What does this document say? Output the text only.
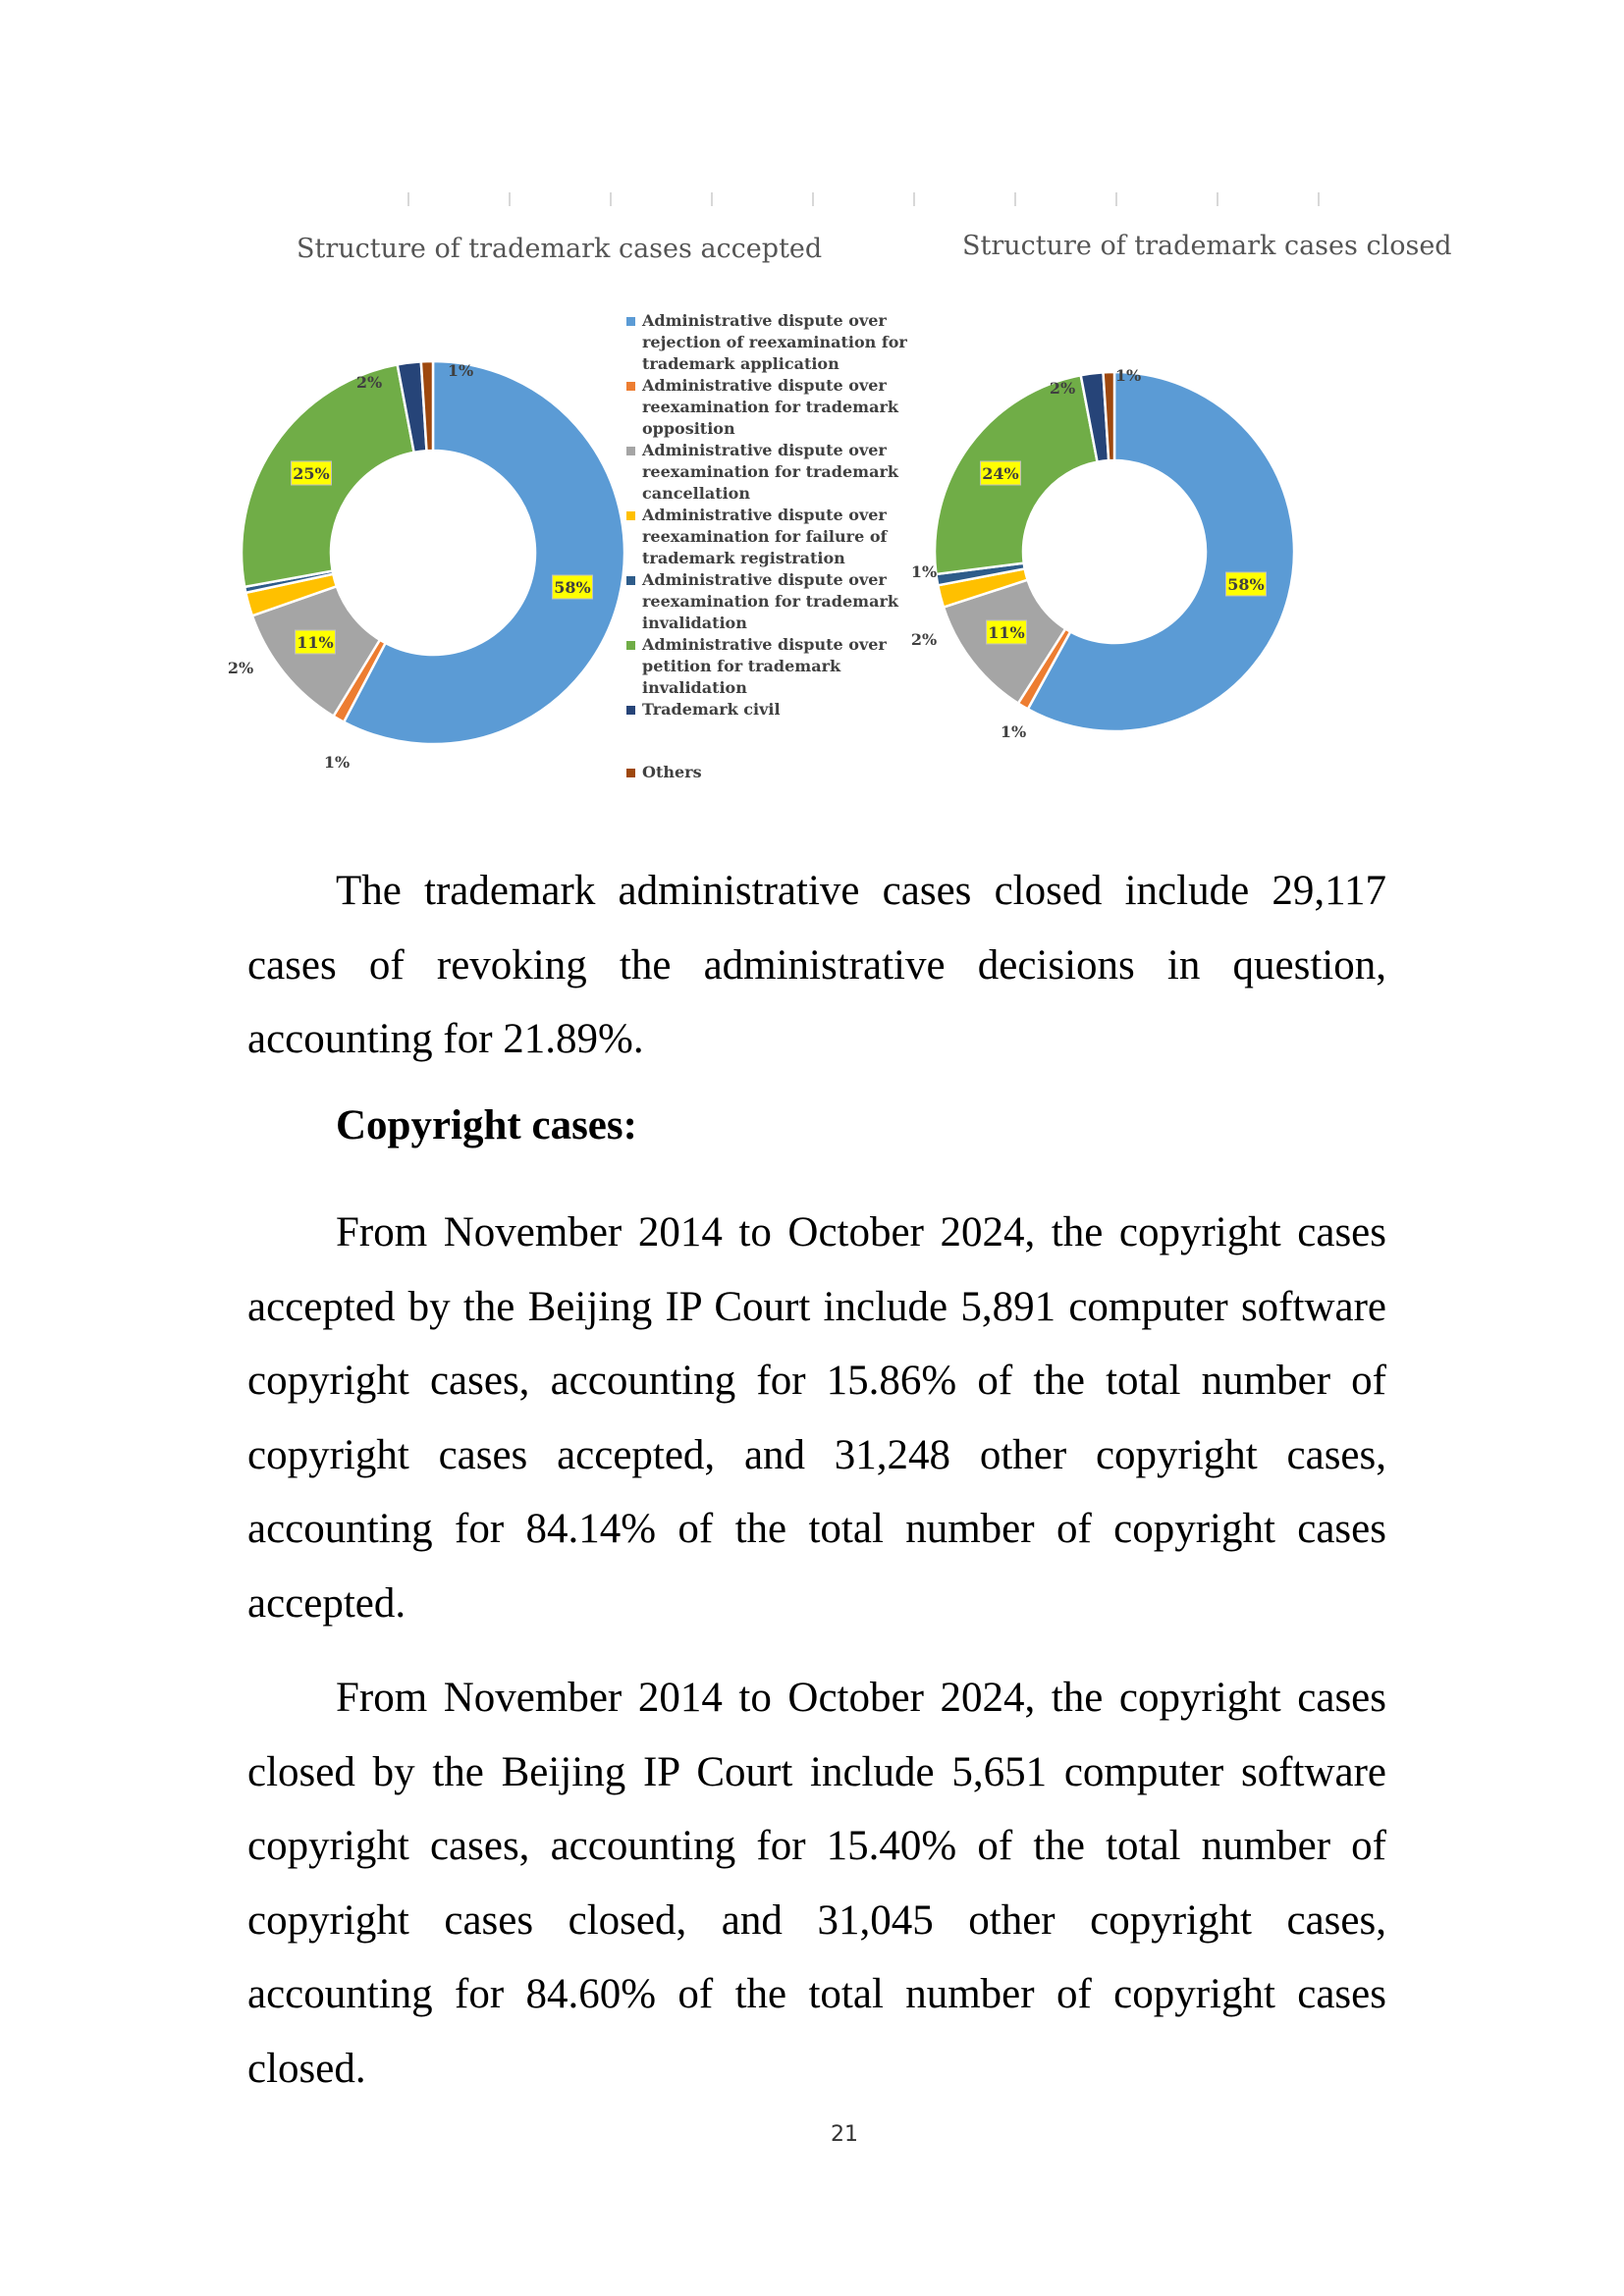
Structure of trademark cases accepted	Structure of trademark cases closed
58%
1%
11%
2%
25%
2%
1%
58%
1%
11%
2%
1%
24%
2%
1%
Administrative dispute over rejection of reexamination for trademark application
Administrative dispute over reexamination for trademark opposition
Administrative dispute over reexamination for trademark cancellation
Administrative dispute over reexamination for failure of trademark registration
Administrative dispute over reexamination for trademark invalidation
Administrative dispute over petition for trademark invalidation
Trademark civil
Others

The trademark administrative cases closed include 29,117 cases of revoking the administrative decisions in question, accounting for 21.89%.

Copyright cases:

From November 2014 to October 2024, the copyright cases accepted by the Beijing IP Court include 5,891 computer software copyright cases, accounting for 15.86% of the total number of copyright cases accepted, and 31,248 other copyright cases, accounting for 84.14% of the total number of copyright cases accepted.

From November 2014 to October 2024, the copyright cases closed by the Beijing IP Court include 5,651 computer software copyright cases, accounting for 15.40% of the total number of copyright cases closed, and 31,045 other copyright cases, accounting for 84.60% of the total number of copyright cases closed.

21
